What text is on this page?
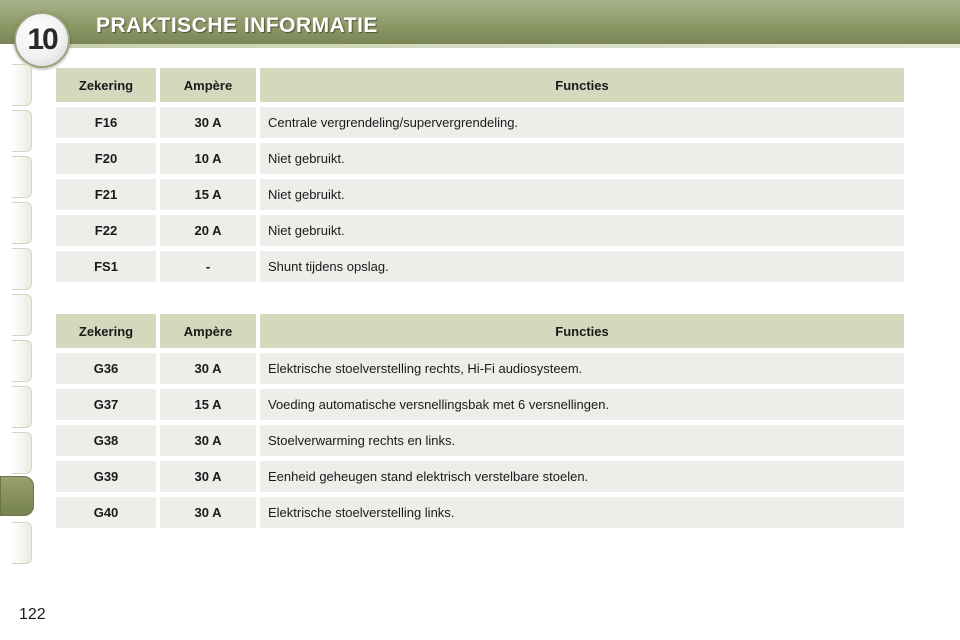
10	PRAKTISCHE INFORMATIE
Zekering	Ampère	Functies
F16	30 A	Centrale vergrendeling/supervergrendeling.
F20	10 A	Niet gebruikt.
F21	15 A	Niet gebruikt.
F22	20 A	Niet gebruikt.
FS1	-	Shunt tijdens opslag.
Zekering	Ampère	Functies
G36	30 A	Elektrische stoelverstelling rechts, Hi-Fi audiosysteem.
G37	15 A	Voeding automatische versnellingsbak met 6 versnellingen.
G38	30 A	Stoelverwarming rechts en links.
G39	30 A	Eenheid geheugen stand elektrisch verstelbare stoelen.
G40	30 A	Elektrische stoelverstelling links.
122
